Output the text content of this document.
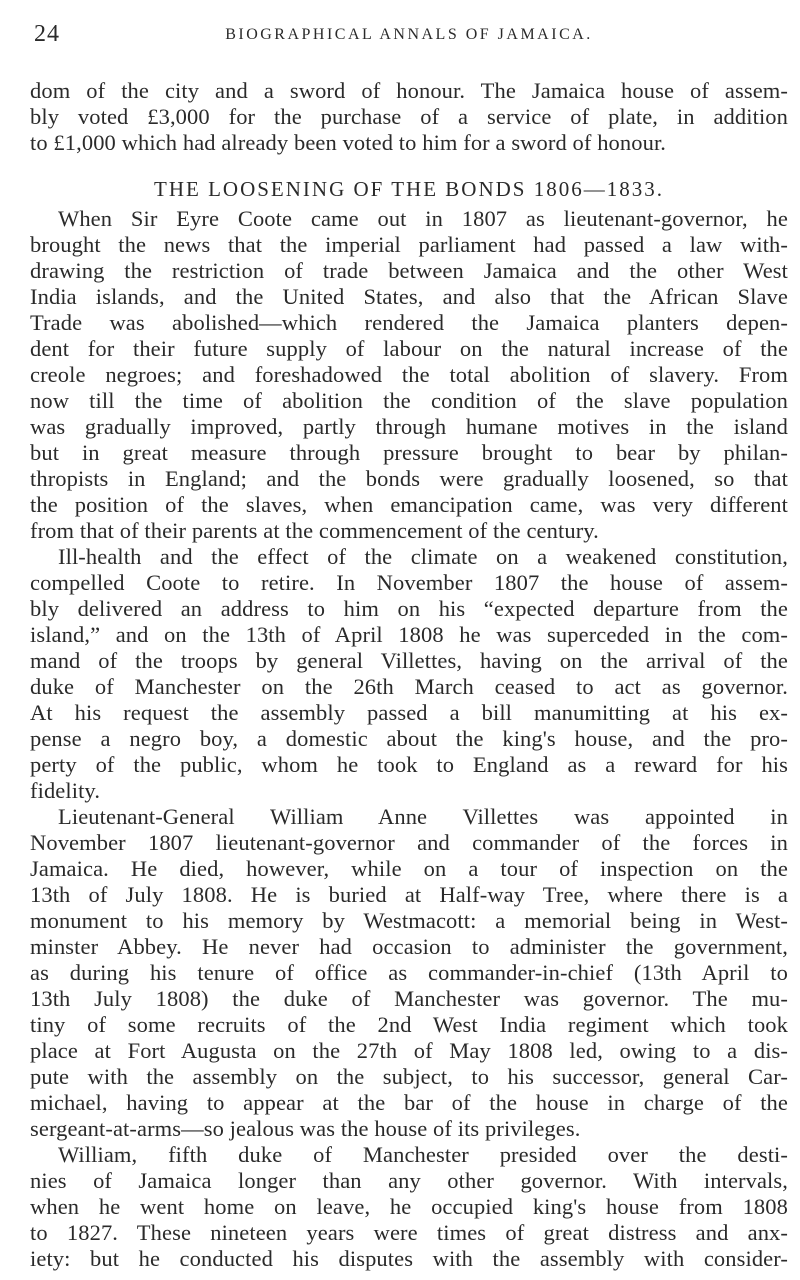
24	BIOGRAPHICAL ANNALS OF JAMAICA.
dom of the city and a sword of honour. The Jamaica house of assem-
bly voted £3,000 for the purchase of a service of plate, in addition
to £1,000 which had already been voted to him for a sword of honour.
THE LOOSENING OF THE BONDS 1806—1833.
When Sir Eyre Coote came out in 1807 as lieutenant-governor, he
brought the news that the imperial parliament had passed a law with-
drawing the restriction of trade between Jamaica and the other West
India islands, and the United States, and also that the African Slave
Trade was abolished—which rendered the Jamaica planters depen-
dent for their future supply of labour on the natural increase of the
creole negroes; and foreshadowed the total abolition of slavery. From
now till the time of abolition the condition of the slave population
was gradually improved, partly through humane motives in the island
but in great measure through pressure brought to bear by philan-
thropists in England; and the bonds were gradually loosened, so that
the position of the slaves, when emancipation came, was very different
from that of their parents at the commencement of the century.
Ill-health and the effect of the climate on a weakened constitution,
compelled Coote to retire. In November 1807 the house of assem-
bly delivered an address to him on his “expected departure from the
island,” and on the 13th of April 1808 he was superceded in the com-
mand of the troops by general Villettes, having on the arrival of the
duke of Manchester on the 26th March ceased to act as governor.
At his request the assembly passed a bill manumitting at his ex-
pense a negro boy, a domestic about the king's house, and the pro-
perty of the public, whom he took to England as a reward for his
fidelity.
Lieutenant-General William Anne Villettes was appointed in
November 1807 lieutenant-governor and commander of the forces in
Jamaica. He died, however, while on a tour of inspection on the
13th of July 1808. He is buried at Half-way Tree, where there is a
monument to his memory by Westmacott: a memorial being in West-
minster Abbey. He never had occasion to administer the government,
as during his tenure of office as commander-in-chief (13th April to
13th July 1808) the duke of Manchester was governor. The mu-
tiny of some recruits of the 2nd West India regiment which took
place at Fort Augusta on the 27th of May 1808 led, owing to a dis-
pute with the assembly on the subject, to his successor, general Car-
michael, having to appear at the bar of the house in charge of the
sergeant-at-arms—so jealous was the house of its privileges.
William, fifth duke of Manchester presided over the desti-
nies of Jamaica longer than any other governor. With intervals,
when he went home on leave, he occupied king's house from 1808
to 1827. These nineteen years were times of great distress and anx-
iety: but he conducted his disputes with the assembly with consider-
